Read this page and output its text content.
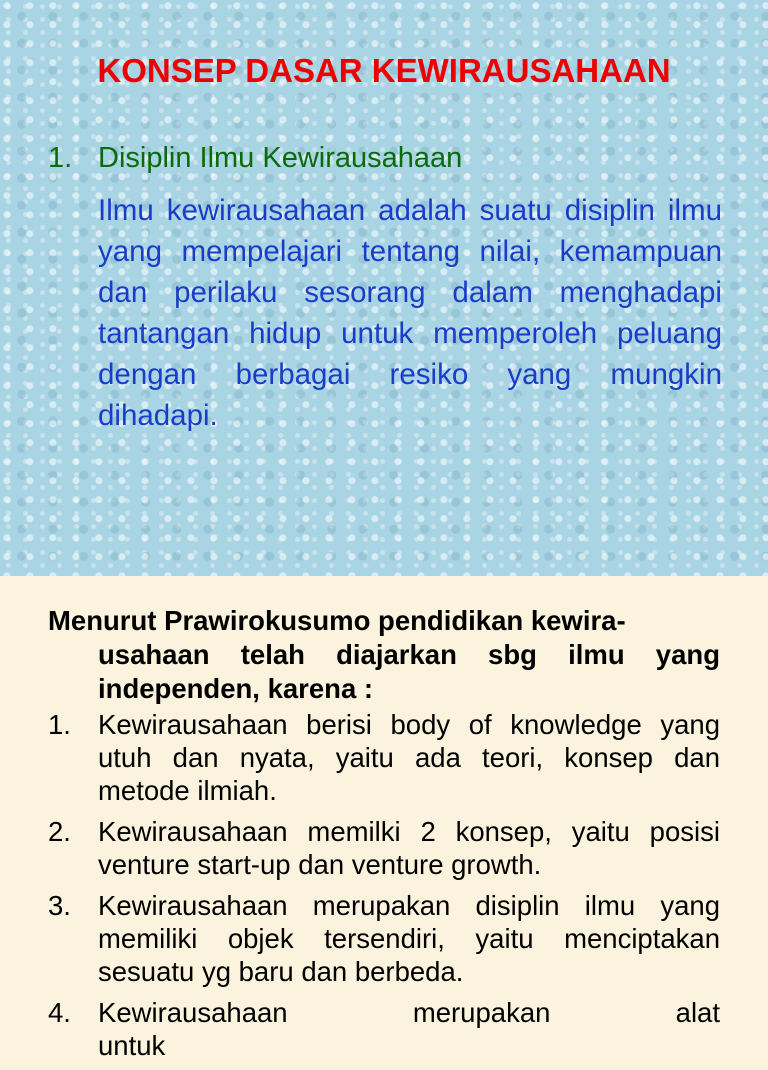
KONSEP DASAR KEWIRAUSAHAAN
1. Disiplin Ilmu Kewirausahaan
Ilmu kewirausahaan adalah suatu disiplin ilmu yang mempelajari tentang nilai, kemampuan dan perilaku sesorang dalam menghadapi tantangan hidup untuk memperoleh peluang dengan berbagai resiko yang mungkin dihadapi.
Menurut Prawirokusumo pendidikan kewira-
usahaan telah diajarkan sbg ilmu yang independen, karena :
1. Kewirausahaan berisi body of knowledge yang utuh dan nyata, yaitu ada teori, konsep dan metode ilmiah.
2. Kewirausahaan memilki 2 konsep, yaitu posisi venture start-up dan venture growth.
3. Kewirausahaan merupakan disiplin ilmu yang memiliki objek tersendiri, yaitu menciptakan sesuatu yg baru dan berbeda.
4. Kewirausahaan merupakan alat untuk
